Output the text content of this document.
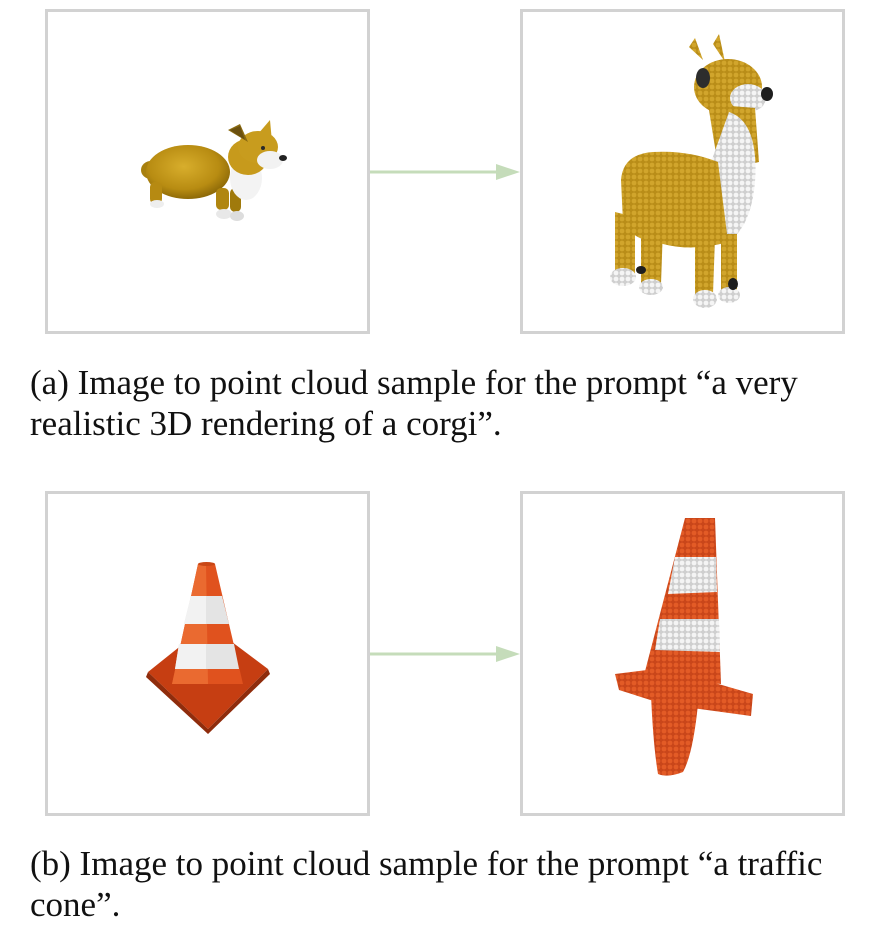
(a) Image to point cloud sample for the prompt “a very realistic 3D rendering of a corgi”.

(b) Image to point cloud sample for the prompt “a traffic cone”.
